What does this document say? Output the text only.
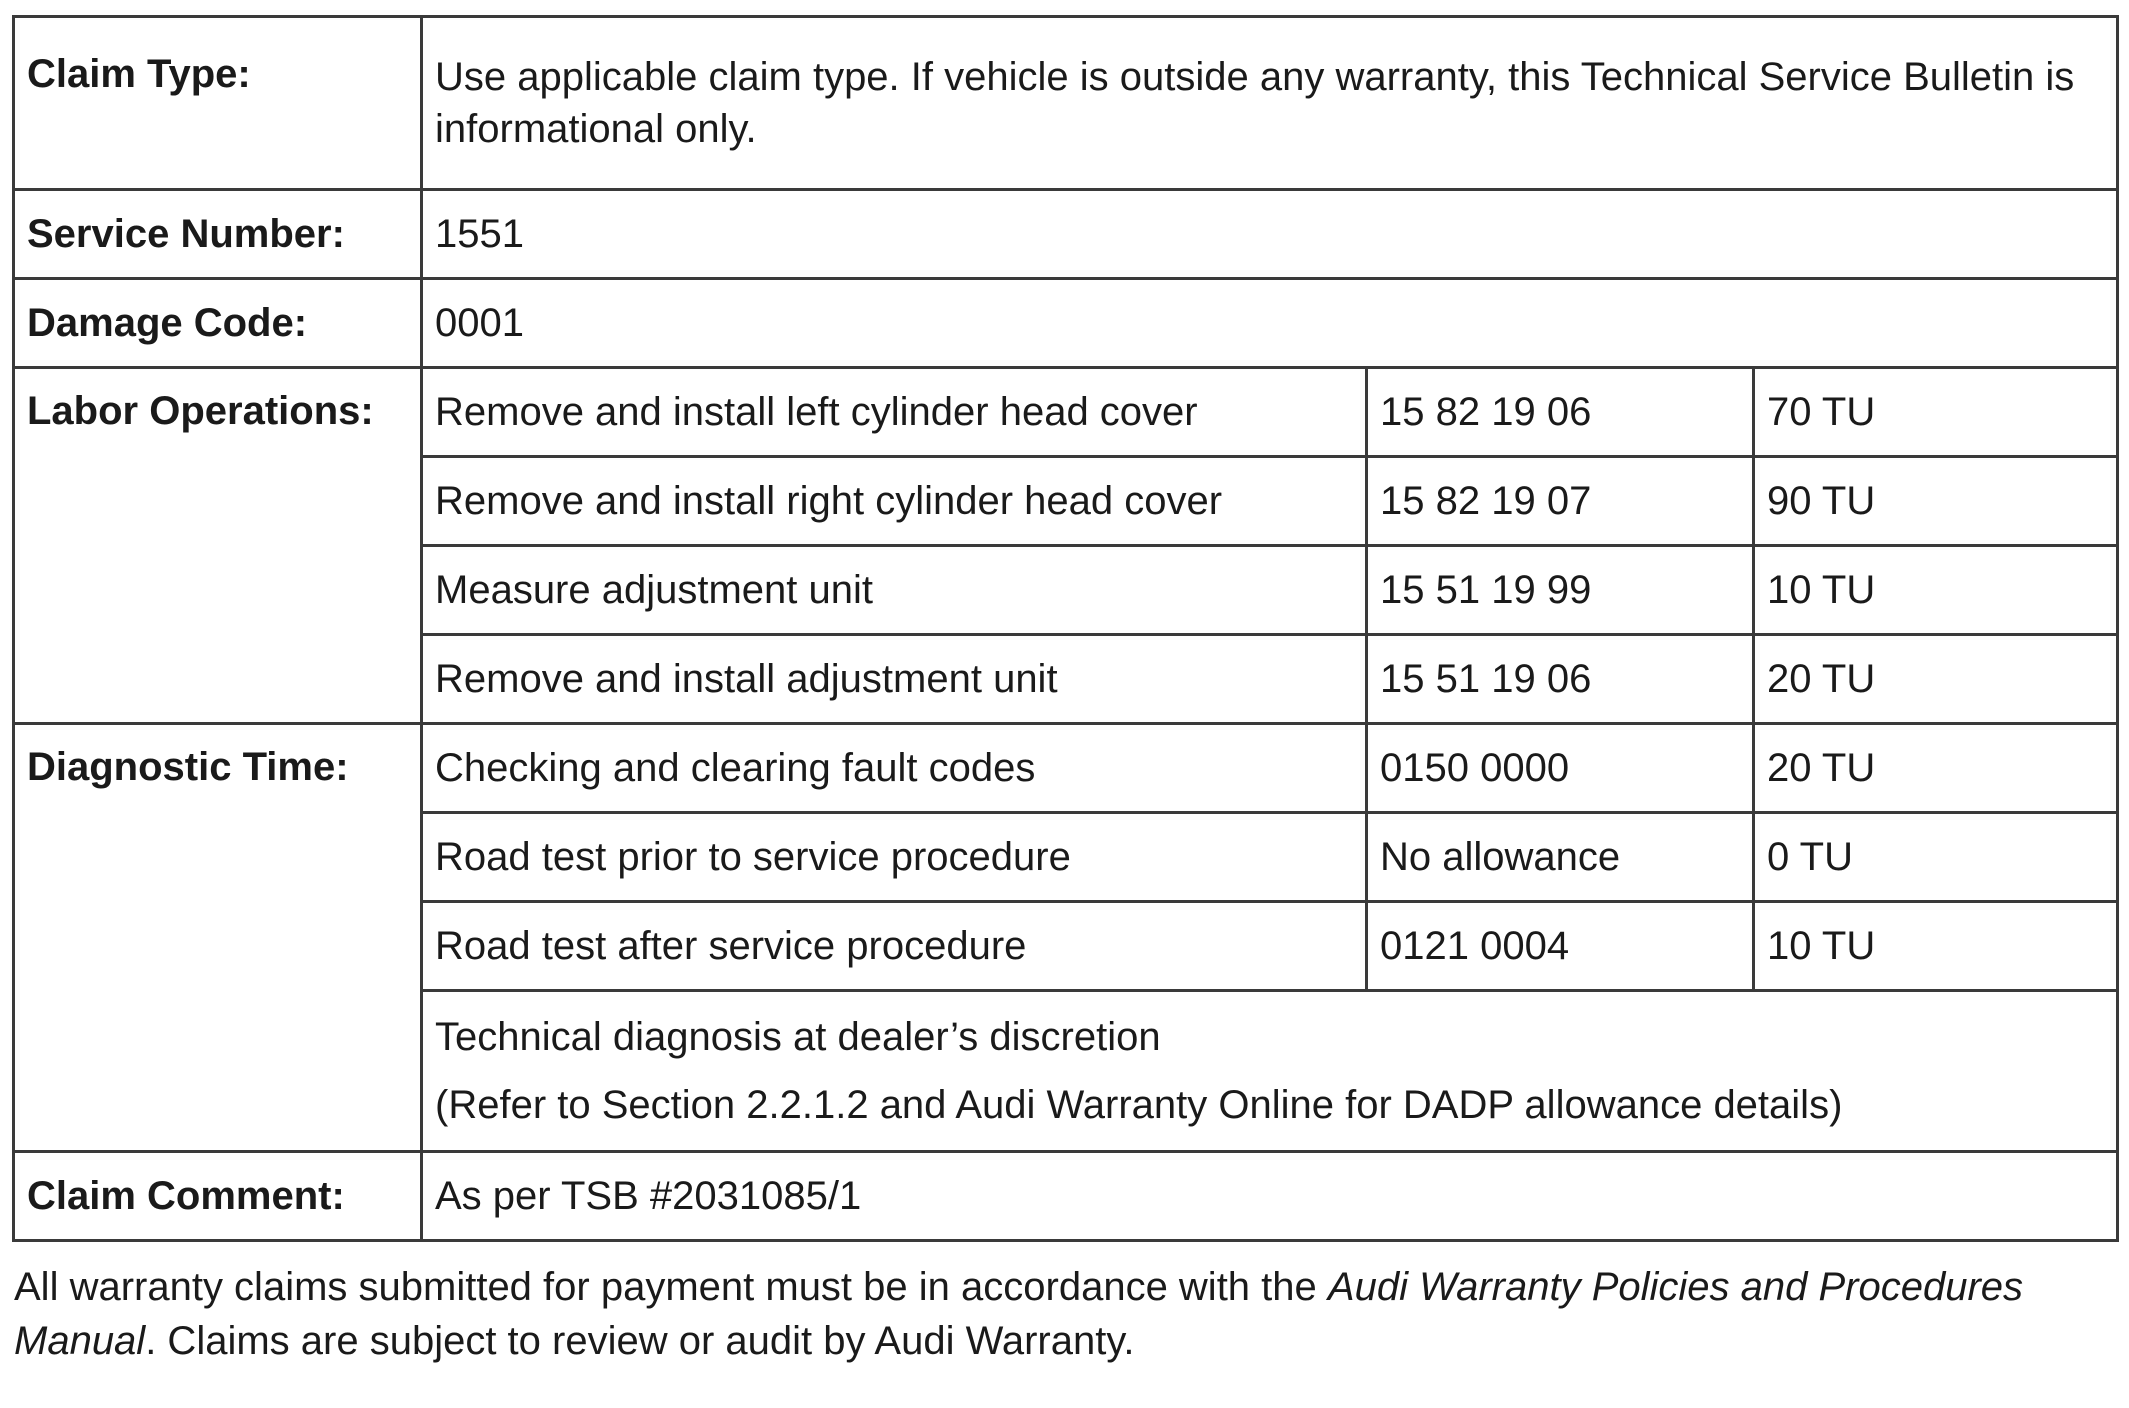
Claim Type:	Use applicable claim type. If vehicle is outside any warranty, this Technical Service Bulletin is informational only.		
Service Number:	1551		
Damage Code:	0001		
Labor Operations:	Remove and install left cylinder head cover	15 82 19 06	70 TU
	Remove and install right cylinder head cover	15 82 19 07	90 TU
	Measure adjustment unit	15 51 19 99	10 TU
	Remove and install adjustment unit	15 51 19 06	20 TU
Diagnostic Time:	Checking and clearing fault codes	0150 0000	20 TU
	Road test prior to service procedure	No allowance	0 TU
	Road test after service procedure	0121 0004	10 TU

	Technical diagnosis at dealer’s discretion
(Refer to Section 2.2.1.2 and Audi Warranty Online for DADP allowance details)		

Claim Comment:	As per TSB #2031085/1		

All warranty claims submitted for payment must be in accordance with the Audi Warranty Policies and Procedures Manual. Claims are subject to review or audit by Audi Warranty.
